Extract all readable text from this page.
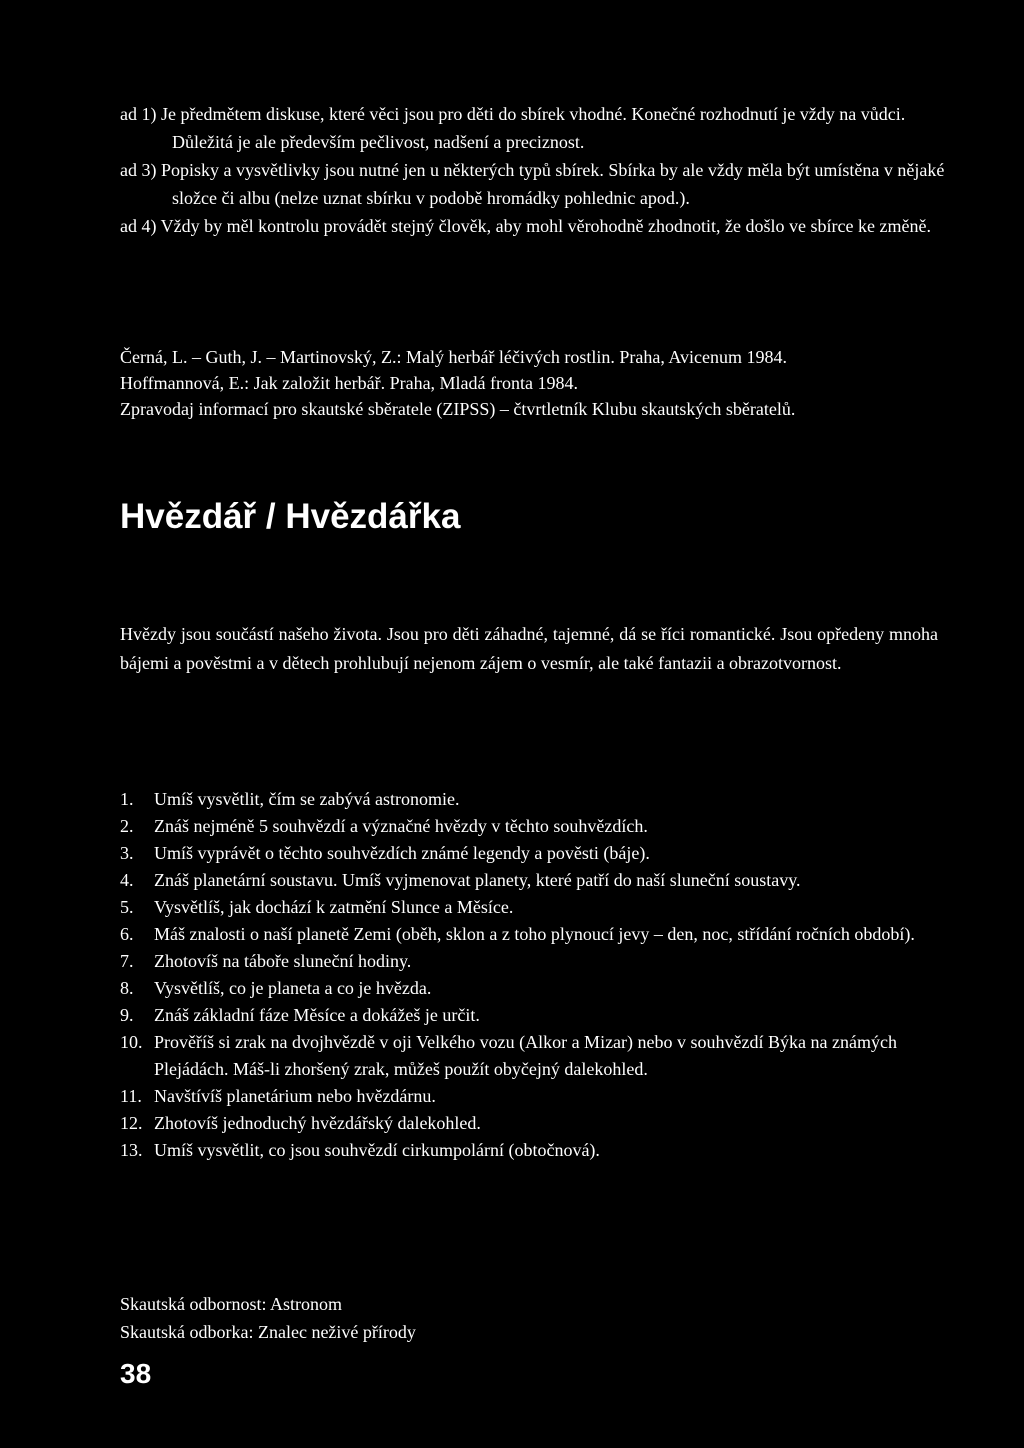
ad 1) Je předmětem diskuse, které věci jsou pro děti do sbírek vhodné. Konečné rozhodnutí je vždy na vůdci. Důležitá je ale především pečlivost, nadšení a preciznost.
ad 3) Popisky a vysvětlivky jsou nutné jen u některých typů sbírek. Sbírka by ale vždy měla být umístěna v nějaké složce či albu (nelze uznat sbírku v podobě hromádky pohlednic apod.).
ad 4) Vždy by měl kontrolu provádět stejný člověk, aby mohl věrohodně zhodnotit, že došlo ve sbírce ke změně.
Černá, L. – Guth, J. – Martinovský, Z.: Malý herbář léčivých rostlin. Praha, Avicenum 1984.
Hoffmannová, E.: Jak založit herbář. Praha, Mladá fronta 1984.
Zpravodaj informací pro skautské sběratele (ZIPSS) – čtvrtletník Klubu skautských sběratelů.
Hvězdář / Hvězdářka
Hvězdy jsou součástí našeho života. Jsou pro děti záhadné, tajemné, dá se říci romantické. Jsou opředeny mnoha bájemi a pověstmi a v dětech prohlubují nejenom zájem o vesmír, ale také fantazii a obrazotvornost.
1. Umíš vysvětlit, čím se zabývá astronomie.
2. Znáš nejméně 5 souhvězdí a význačné hvězdy v těchto souhvězdích.
3. Umíš vyprávět o těchto souhvězdích známé legendy a pověsti (báje).
4. Znáš planetární soustavu. Umíš vyjmenovat planety, které patří do naší sluneční soustavy.
5. Vysvětlíš, jak dochází k zatmění Slunce a Měsíce.
6. Máš znalosti o naší planetě Zemi (oběh, sklon a z toho plynoucí jevy – den, noc, střídání ročních období).
7. Zhotovíš na táboře sluneční hodiny.
8. Vysvětlíš, co je planeta a co je hvězda.
9. Znáš základní fáze Měsíce a dokážeš je určit.
10. Prověříš si zrak na dvojhvězdě v oji Velkého vozu (Alkor a Mizar) nebo v souhvězdí Býka na známých Plejádách. Máš-li zhoršený zrak, můžeš použít obyčejný dalekohled.
11. Navštívíš planetárium nebo hvězdárnu.
12. Zhotovíš jednoduchý hvězdářský dalekohled.
13. Umíš vysvětlit, co jsou souhvězdí cirkumpolární (obtočnová).
Skautská odbornost: Astronom
Skautská odborka: Znalec neživé přírody
38
